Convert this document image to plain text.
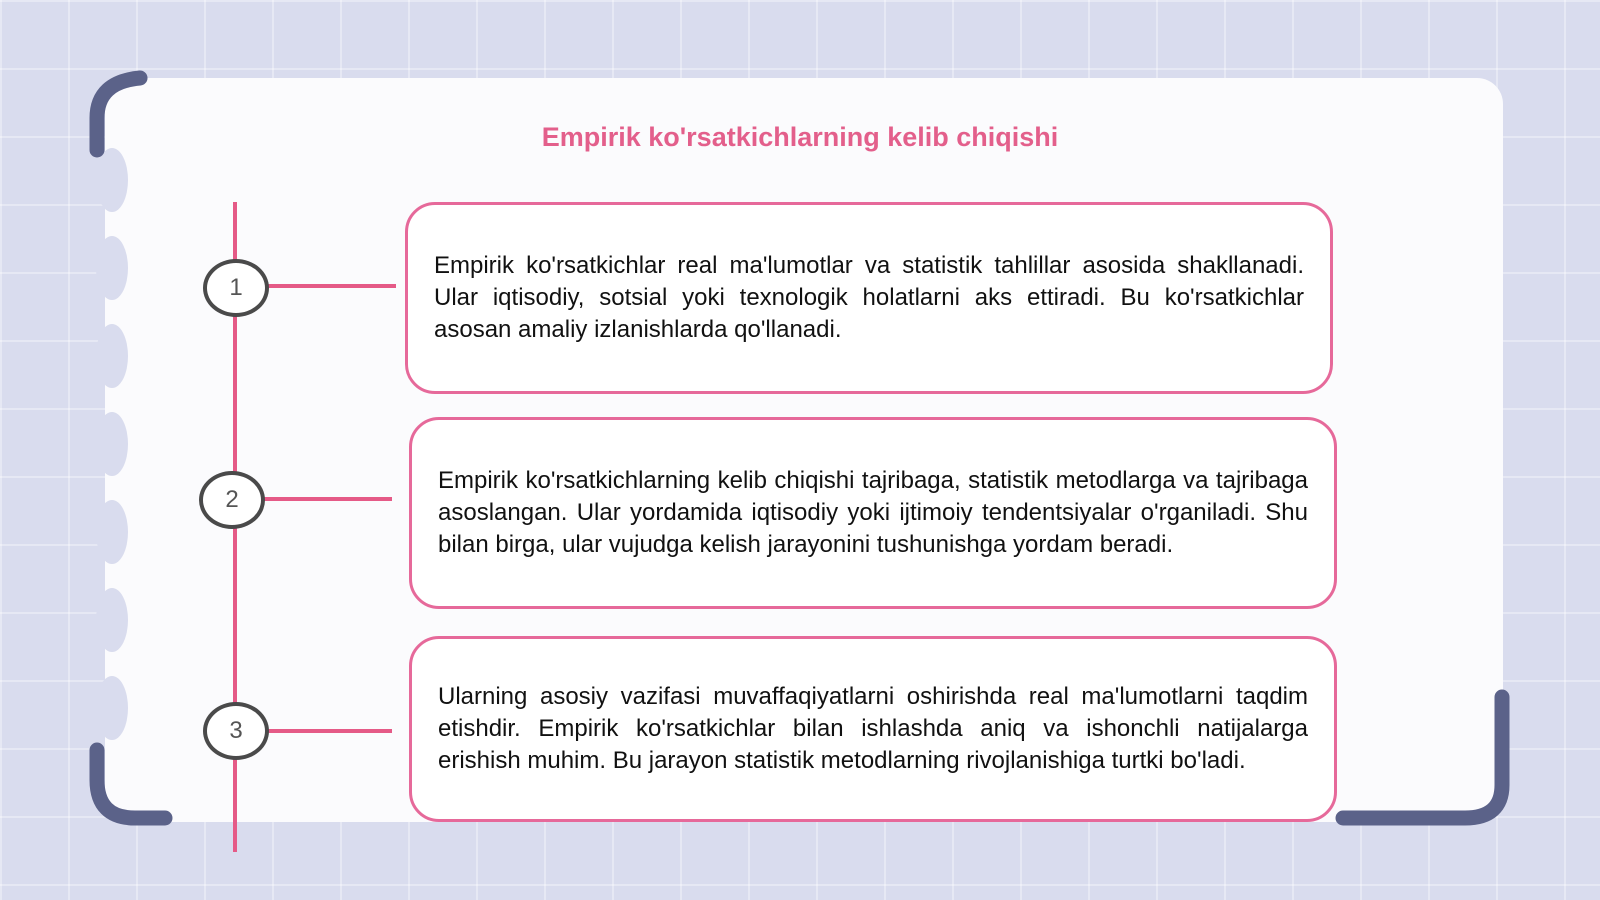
Empirik ko'rsatkichlarning kelib chiqishi
1
2
3

Empirik ko'rsatkichlar real ma'lumotlar va statistik tahlillar asosida shakllanadi. Ular iqtisodiy, sotsial yoki texnologik holatlarni aks ettiradi. Bu ko'rsatkichlar asosan amaliy izlanishlarda qo'llanadi.

Empirik ko'rsatkichlarning kelib chiqishi tajribaga, statistik metodlarga va tajribaga asoslangan. Ular yordamida iqtisodiy yoki ijtimoiy tendentsiyalar o'rganiladi. Shu bilan birga, ular vujudga kelish jarayonini tushunishga yordam beradi.

Ularning asosiy vazifasi muvaffaqiyatlarni oshirishda real ma'lumotlarni taqdim etishdir. Empirik ko'rsatkichlar bilan ishlashda aniq va ishonchli natijalarga erishish muhim. Bu jarayon statistik metodlarning rivojlanishiga turtki bo'ladi.
